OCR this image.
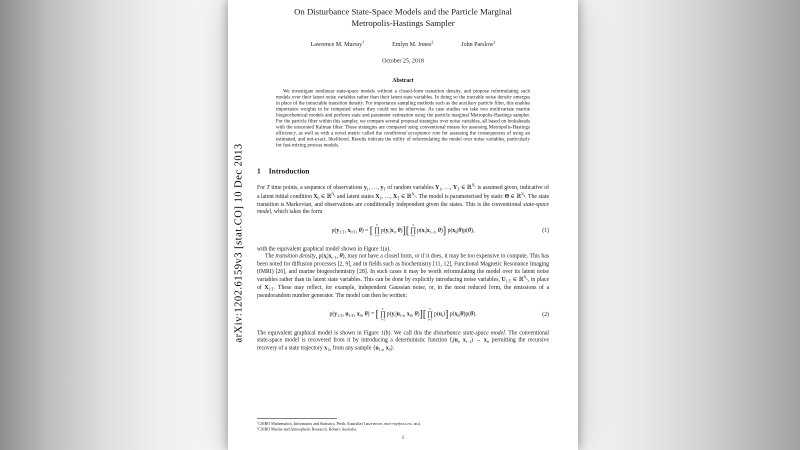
arXiv:1202.6159v3 [stat.CO] 10 Dec 2013
On Disturbance State-Space Models and the Particle Marginal Metropolis-Hastings Sampler
Lawrence M. Murray† Emlyn M. Jones‡ John Parslow‡
October 25, 2018
Abstract

We investigate nonlinear state-space models without a closed-form transition density, and propose reformulating such models over their latent noise variables rather than their latent state variables. In doing so the tractable noise density emerges in place of the intractable transition density. For importance sampling methods such as the auxiliary particle filter, this enables importance weights to be computed where they could not be otherwise. As case studies we take two multivariate marine biogeochemical models and perform state and parameter estimation using the particle marginal Metropolis-Hastings sampler. For the particle filter within this sampler, we compare several proposal strategies over noise variables, all based on lookaheads with the unscented Kalman filter. These strategies are compared using conventional means for assessing Metropolis-Hastings efficiency, as well as with a novel metric called the conditional acceptance rate for assessing the consequences of using an estimated, and not-exact, likelihood. Results indicate the utility of reformulating the model over noise variables, particularly for fast-mixing process models.

1 Introduction

For T time points, a sequence of observations $y_1$, …, $y_T$ of random variables $Y_1$, …, $Y_T$ ∈ ℝ$^{N_y}$ is assumed given, indicative of a latent initial condition $X_0$ ∈ ℝ$^{N_x}$ and latent states $X_1$, …, $X_T$ ∈ ℝ$^{N_x}$. The model is parameterised by static Θ ∈ ℝ$^{N_\theta}$. The state transition is Markovian, and observations are conditionally independent given the states. This is the conventional state-space model, which takes the form

$p(y_{1:T}$, $x_{0:T}$, θ) = [ T
∏
t=1
$p(y_t|x_t$, θ)][ T
∏
t=1
$p(x_t|x_{t-1}$, θ)] $p(x_0|\theta)p(\theta)$,	(1)

with the equivalent graphical model shown in Figure 1(a).

The transition density, $p(x_t|x_{t-1}$, θ), may not have a closed form, or if it does, it may be too expensive to compute. This has been noted for diffusion processes [2, 9], and in fields such as biochemistry [11, 12], Functional Magnetic Resonance Imaging (fMRI) [26], and marine biogeochemistry [28]. In such cases it may be worth reformulating the model over its latent noise variables rather than its latent state variables. This can be done by explicitly introducing noise variables, $U_{1:T}$ ∈ ℝ$^{N_u}$, in place of $X_{1:T}$. These may reflect, for example, independent Gaussian noise, or, in the most reduced form, the emissions of a pseudorandom number generator. The model can then be written:

$p(y_{1:T}$, $u_{1:T}$, $x_0$, θ) = [ T
∏
t=1
$p(y_t|u_{1:t}$, $x_0$, θ)][ T
∏
t=1
$p(u_t)$] $p(x_0|\theta)p(\theta)$.	(2)

The equivalent graphical model is shown in Figure 1(b). We call this the disturbance state-space model. The conventional state-space model is recovered from it by introducing a deterministic function $f_t(u_t$, $x_{t-1}) \to x_t$, permitting the recursive recovery of a state trajectory $x_{1:t}$ from any sample {$u_{1:t}$, $x_0$}.

†CSIRO Mathematics, Informatics and Statistics, Perth, Australia (lawrence.murray@csiro.au).
‡CSIRO Marine and Atmospheric Research, Hobart, Australia.
1
